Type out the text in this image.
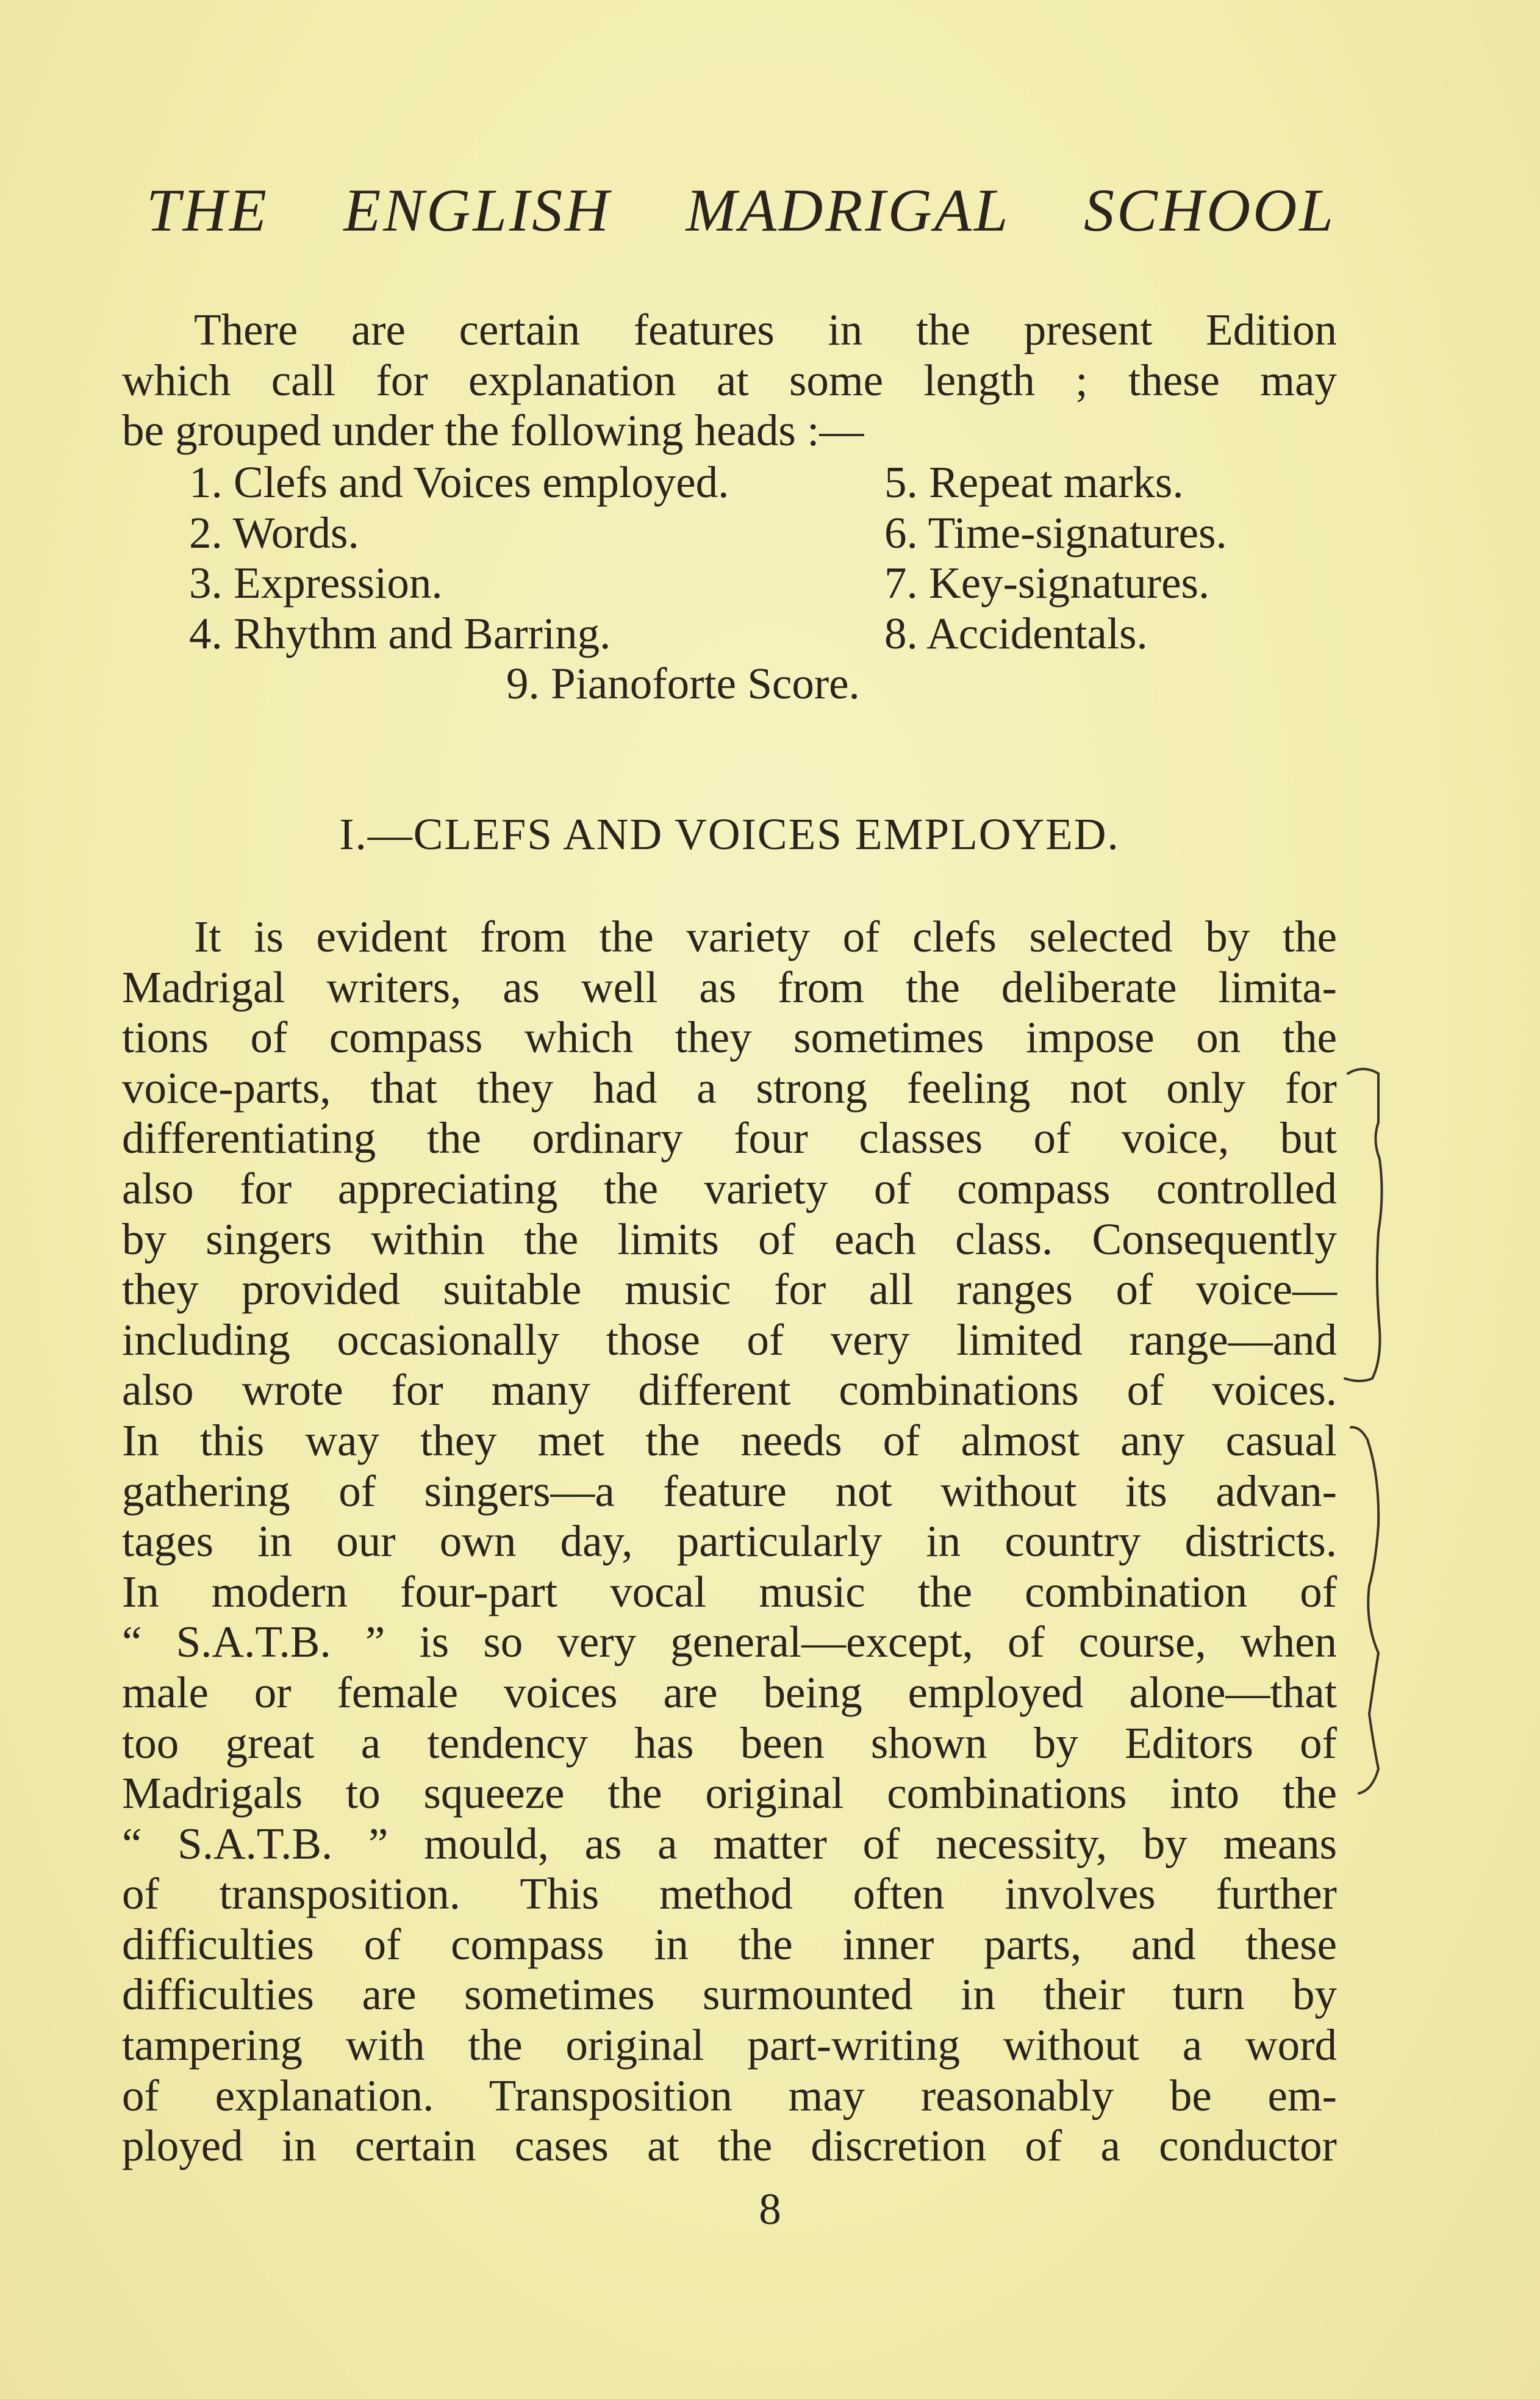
THE ENGLISH MADRIGAL SCHOOL
There are certain features in the present Edition
which call for explanation at some length ; these may
be grouped under the following heads :—
1. Clefs and Voices employed.	5. Repeat marks.
2. Words.	6. Time-signatures.
3. Expression.	7. Key-signatures.
4. Rhythm and Barring.	8. Accidentals.
9. Pianoforte Score.
I.—CLEFS AND VOICES EMPLOYED.
It is evident from the variety of clefs selected by the
Madrigal writers, as well as from the deliberate limita-
tions of compass which they sometimes impose on the
voice-parts, that they had a strong feeling not only for
differentiating the ordinary four classes of voice, but
also for appreciating the variety of compass controlled
by singers within the limits of each class. Consequently
they provided suitable music for all ranges of voice—
including occasionally those of very limited range—and
also wrote for many different combinations of voices.
In this way they met the needs of almost any casual
gathering of singers—a feature not without its advan-
tages in our own day, particularly in country districts.
In modern four-part vocal music the combination of
“ S.A.T.B. ” is so very general—except, of course, when
male or female voices are being employed alone—that
too great a tendency has been shown by Editors of
Madrigals to squeeze the original combinations into the
“ S.A.T.B. ” mould, as a matter of necessity, by means
of transposition. This method often involves further
difficulties of compass in the inner parts, and these
difficulties are sometimes surmounted in their turn by
tampering with the original part-writing without a word
of explanation. Transposition may reasonably be em-
ployed in certain cases at the discretion of a conductor
8
